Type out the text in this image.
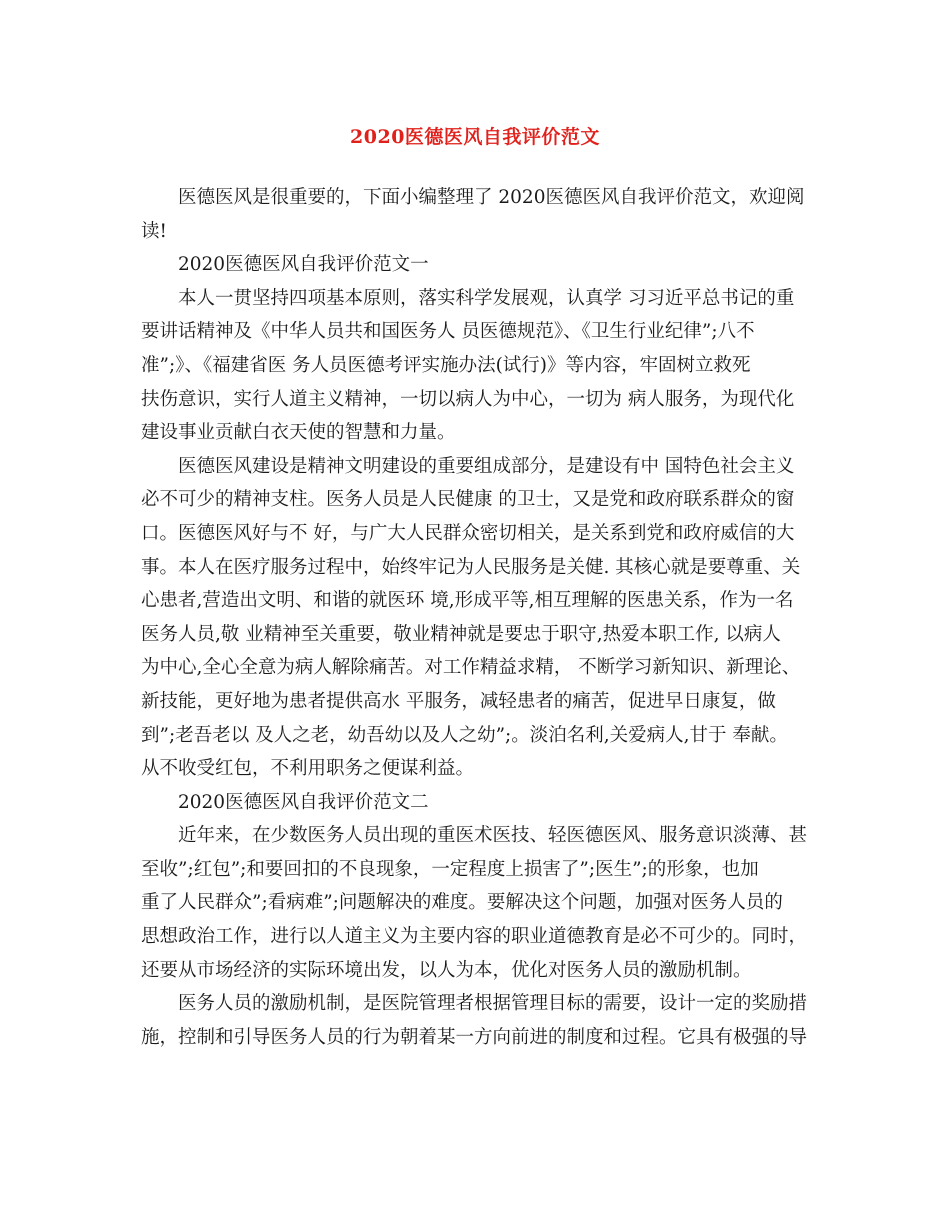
2020医德医风自我评价范文
医德医风是很重要的，下面小编整理了 2020医德医风自我评价范文，欢迎阅
读!
2020医德医风自我评价范文一
本人一贯坚持四项基本原则，落实科学发展观，认真学 习习近平总书记的重
要讲话精神及《中华人员共和国医务人 员医德规范》、《卫生行业纪律”;八不
准”;》、《福建省医 务人员医德考评实施办法(试行)》等内容，牢固树立救死
扶伤意识，实行人道主义精神，一切以病人为中心，一切为 病人服务，为现代化
建设事业贡献白衣天使的智慧和力量。
医德医风建设是精神文明建设的重要组成部分，是建设有中 国特色社会主义
必不可少的精神支柱。医务人员是人民健康 的卫士，又是党和政府联系群众的窗
口。医德医风好与不 好，与广大人民群众密切相关，是关系到党和政府威信的大
事。本人在医疗服务过程中，始终牢记为人民服务是关健. 其核心就是要尊重、关
心患者,营造出文明、和谐的就医环 境,形成平等,相互理解的医患关系，作为一名
医务人员,敬 业精神至关重要，敬业精神就是要忠于职守,热爱本职工作, 以病人
为中心,全心全意为病人解除痛苦。对工作精益求精， 不断学习新知识、新理论、
新技能，更好地为患者提供高水 平服务，减轻患者的痛苦，促进早日康复，做
到”;老吾老以 及人之老，幼吾幼以及人之幼”;。淡泊名利,关爱病人,甘于 奉献。
从不收受红包，不利用职务之便谋利益。
2020医德医风自我评价范文二
近年来，在少数医务人员出现的重医术医技、轻医德医风、服务意识淡薄、甚
至收”;红包”;和要回扣的不良现象，一定程度上损害了”;医生”;的形象，也加
重了人民群众”;看病难”;问题解决的难度。要解决这个问题，加强对医务人员的
思想政治工作，进行以人道主义为主要内容的职业道德教育是必不可少的。同时，
还要从市场经济的实际环境出发，以人为本，优化对医务人员的激励机制。
医务人员的激励机制，是医院管理者根据管理目标的需要，设计一定的奖励措
施，控制和引导医务人员的行为朝着某一方向前进的制度和过程。它具有极强的导
